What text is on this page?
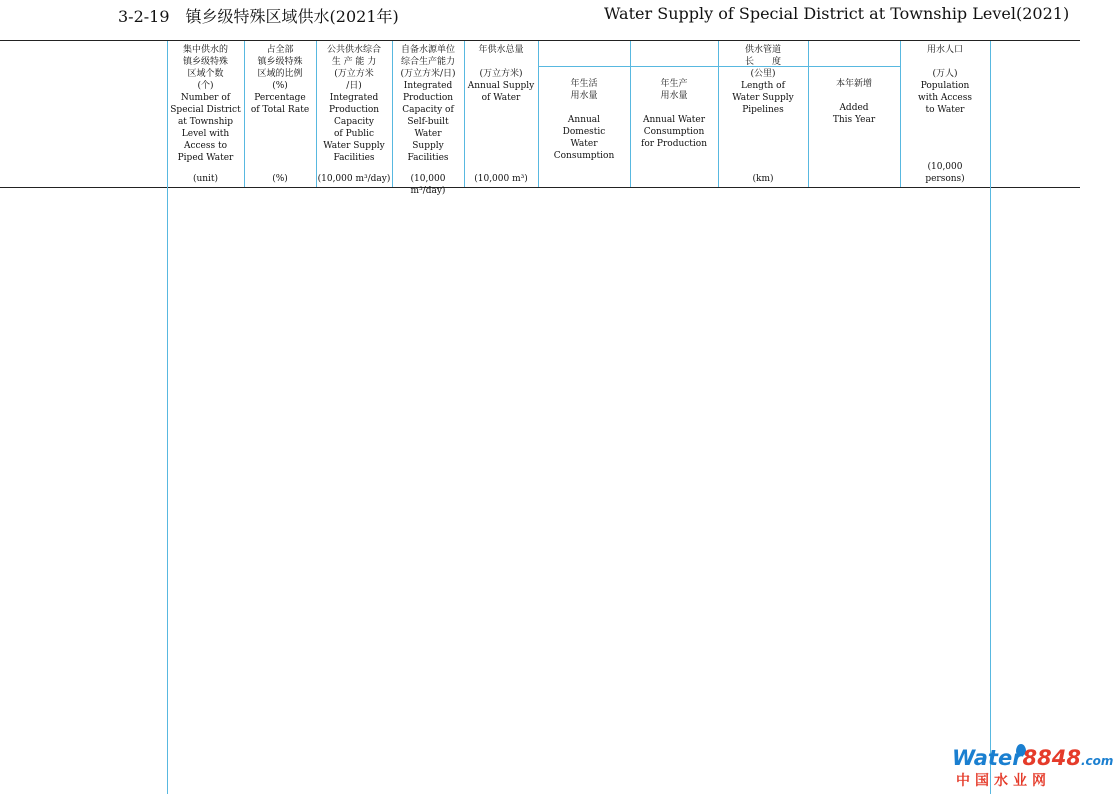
3-2-19　镇乡级特殊区域供水(2021年)	Water Supply of Special District at Township Level(2021)
集中供水的
镇乡级特殊
区域个数
(个)
Number of
Special District
at Township
Level with
Access to
Piped Water
(unit)
占全部
镇乡级特殊
区域的比例
(%)
Percentage
of Total Rate
(%)
公共供水综合
生 产 能 力
(万立方米
/日)
Integrated
Production
Capacity
of Public
Water Supply
Facilities
(10,000 m³/day)
自备水源单位
综合生产能力
(万立方米/日)
Integrated
Production
Capacity of
Self-built
Water
Supply
Facilities
(10,000 m³/day)
年供水总量
(万立方米)
Annual Supply
of Water
(10,000 m³)
年生活
用水量
Annual
Domestic
Water
Consumption
年生产
用水量
Annual Water
Consumption
for Production
供水管道
长　　度
(公里)
Length of
Water Supply
Pipelines
(km)
本年新增
Added
This Year
用水人口
(万人)
Population
with Access
to Water
(10,000
persons)
Water8848.com
中国水业网
